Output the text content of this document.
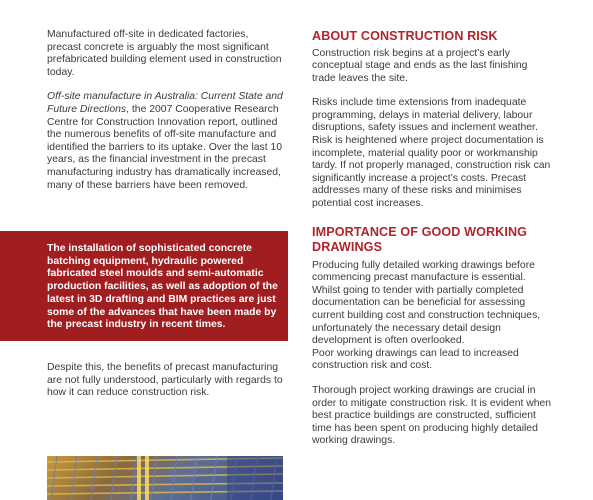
Manufactured off-site in dedicated factories, precast concrete is arguably the most significant prefabricated building element used in construction today.

Off-site manufacture in Australia: Current State and Future Directions, the 2007 Cooperative Research Centre for Construction Innovation report, outlined the numerous benefits of off-site manufacture and identified the barriers to its uptake. Over the last 10 years, as the financial investment in the precast manufacturing industry has dramatically increased, many of these barriers have been removed.

The installation of sophisticated concrete batching equipment, hydraulic powered fabricated steel moulds and semi-automatic production facilities, as well as adoption of the latest in 3D drafting and BIM practices are just some of the advances that have been made by the precast industry in recent times.
Despite this, the benefits of precast manufacturing are not fully understood, particularly with regards to how it can reduce construction risk.
ABOUT CONSTRUCTION RISK

Construction risk begins at a project’s early conceptual stage and ends as the last finishing trade leaves the site.

Risks include time extensions from inadequate programming, delays in material delivery, labour disruptions, safety issues and inclement weather. Risk is heightened where project documentation is incomplete, material quality poor or workmanship tardy. If not properly managed, construction risk can significantly increase a project’s costs. Precast addresses many of these risks and minimises potential cost increases.

IMPORTANCE OF GOOD WORKING DRAWINGS

Producing fully detailed working drawings before commencing precast manufacture is essential. Whilst going to tender with partially completed documentation can be beneficial for assessing current building cost and construction techniques, unfortunately the necessary detail design development is often overlooked.

Poor working drawings can lead to increased construction risk and cost.

Thorough project working drawings are crucial in order to mitigate construction risk. It is evident when best practice buildings are constructed, sufficient time has been spent on producing highly detailed working drawings.
